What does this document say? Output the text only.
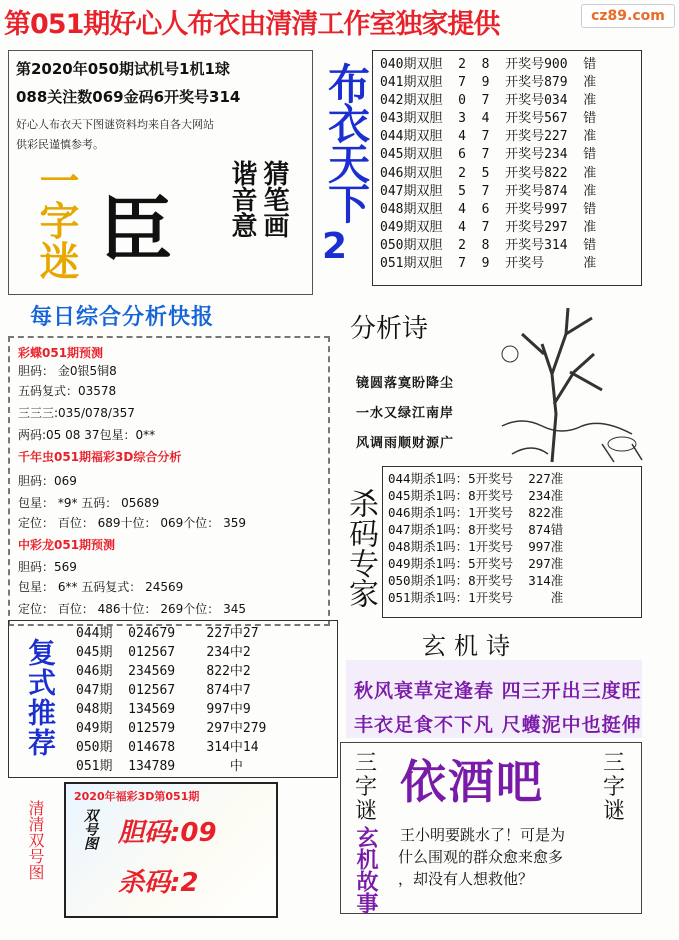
第051期好心人布衣由清清工作室独家提供	cz89.com
第2020年050期试机号1机1球
088关注数069金码6开奖号314
好心人布衣天下图谜资料均来自各大网站
供彩民谨慎参考。
一字迷 臣	猜笔画
谐音意 布衣天下
2
040期双胆  2  8  开奖号900  错
041期双胆  7  9  开奖号879  准
042期双胆  0  7  开奖号034  准
043期双胆  3  4  开奖号567  错
044期双胆  4  7  开奖号227  准
045期双胆  6  7  开奖号234  错
046期双胆  2  5  开奖号822  准
047期双胆  5  7  开奖号874  准
048期双胆  4  6  开奖号997  错
049期双胆  4  7  开奖号297  准
050期双胆  2  8  开奖号314  错
051期双胆  7  9  开奖号     准
每日综合分析快报
彩蝶051期预测
胆码： 金0银5铜8
五码复式：03578
三三三:035/078/357
两码:05 08 37包星：0**
千年虫051期福彩3D综合分析
胆码：069
包星： *9* 五码： 05689
定位： 百位： 689十位： 069个位： 359
中彩龙051期预测
胆码：569
包星： 6** 五码复式： 24569
定位： 百位： 486十位： 269个位： 345
分析诗
镜圆落寞盼降尘
一水又绿江南岸
风调雨顺财源广
杀码专家
044期杀1吗：5开奖号  227准
045期杀1吗：8开奖号  234准
046期杀1吗：1开奖号  822准
047期杀1吗：8开奖号  874错
048期杀1吗：1开奖号  997准
049期杀1吗：5开奖号  297准
050期杀1吗：8开奖号  314准
051期杀1吗：1开奖号	准
复式推荐
044期  024679    227中27
045期  012567    234中2
046期  234569    822中2
047期  012567    874中7
048期  134569    997中9
049期  012579    297中279
050期  014678    314中14
051期  134789	中
玄机诗
秋风衰草定逢春 四三开出三度旺
丰衣足食不下凡 尺蠖泥中也挺伸
三字谜
依酒吧	三字谜
玄机故事 王小明要跳水了！可是为
什么围观的群众愈来愈多
，却没有人想救他？
清清双号图
2020年福彩3D第051期
双号图 胆码:09
杀码:2
